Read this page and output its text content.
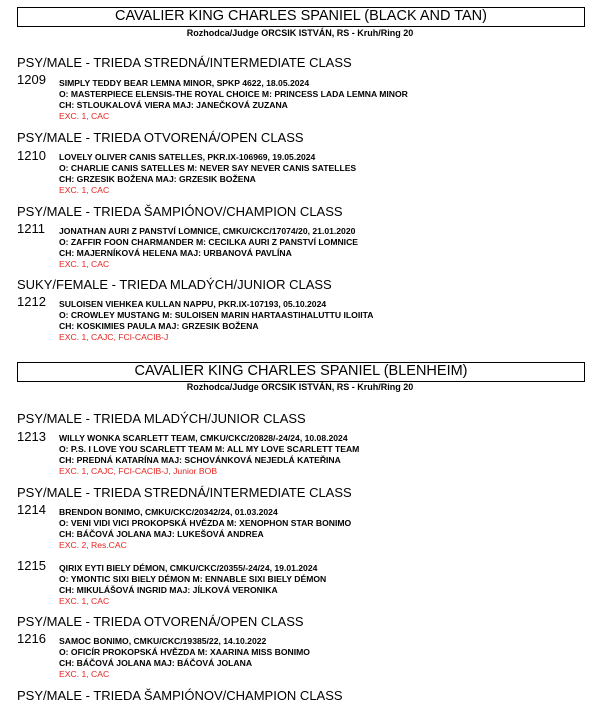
CAVALIER KING CHARLES SPANIEL (BLACK AND TAN)
Rozhodca/Judge ORCSIK ISTVÁN, RS - Kruh/Ring 20
PSY/MALE - TRIEDA STREDNÁ/INTERMEDIATE CLASS
1209 SIMPLY TEDDY BEAR LEMNA MINOR, SPKP 4622, 18.05.2024
O: MASTERPIECE ELENSIS-THE ROYAL CHOICE M: PRINCESS LADA LEMNA MINOR
CH: STLOUKALOVÁ VIERA MAJ: JANEČKOVÁ ZUZANA
EXC. 1, CAC
PSY/MALE - TRIEDA OTVORENÁ/OPEN CLASS
1210 LOVELY OLIVER CANIS SATELLES, PKR.IX-106969, 19.05.2024
O: CHARLIE CANIS SATELLES M: NEVER SAY NEVER CANIS SATELLES
CH: GRZESIK BOŽENA MAJ: GRZESIK BOŽENA
EXC. 1, CAC
PSY/MALE - TRIEDA ŠAMPIÓNOV/CHAMPION CLASS
1211 JONATHAN AURI Z PANSTVÍ LOMNICE, CMKU/CKC/17074/20, 21.01.2020
O: ZAFFIR FOON CHARMANDER M: CECILKA AURI Z PANSTVÍ LOMNICE
CH: MAJERNÍKOVÁ HELENA MAJ: URBANOVÁ PAVLÍNA
EXC. 1, CAC
SUKY/FEMALE - TRIEDA MLADÝCH/JUNIOR CLASS
1212 SULOISEN VIEHKEA KULLAN NAPPU, PKR.IX-107193, 05.10.2024
O: CROWLEY MUSTANG M: SULOISEN MARIN HARTAASTIHALUTTU ILOIITA
CH: KOSKIMIES PAULA MAJ: GRZESIK BOŽENA
EXC. 1, CAJC, FCI-CACIB-J
CAVALIER KING CHARLES SPANIEL (BLENHEIM)
Rozhodca/Judge ORCSIK ISTVÁN, RS - Kruh/Ring 20
PSY/MALE - TRIEDA MLADÝCH/JUNIOR CLASS
1213 WILLY WONKA SCARLETT TEAM, CMKU/CKC/20828/-24/24, 10.08.2024
O: P.S. I LOVE YOU SCARLETT TEAM M: ALL MY LOVE SCARLETT TEAM
CH: PREDNÁ KATARÍNA MAJ: SCHOVÁNKOVÁ NEJEDLÁ KATEŘINA
EXC. 1, CAJC, FCI-CACIB-J, Junior BOB
PSY/MALE - TRIEDA STREDNÁ/INTERMEDIATE CLASS
1214 BRENDON BONIMO, CMKU/CKC/20342/24, 01.03.2024
O: VENI VIDI VICI PROKOPSKÁ HVĚZDA M: XENOPHON STAR BONIMO
CH: BÁČOVÁ JOLANA MAJ: LUKEŠOVÁ ANDREA
EXC. 2, Res.CAC
1215 QIRIX EYTI BIELY DÉMON, CMKU/CKC/20355/-24/24, 19.01.2024
O: YMONTIC SIXI BIELY DÉMON M: ENNABLE SIXI BIELY DÉMON
CH: MIKULÁŠOVÁ INGRID MAJ: JÍLKOVÁ VERONIKA
EXC. 1, CAC
PSY/MALE - TRIEDA OTVORENÁ/OPEN CLASS
1216 SAMOC BONIMO, CMKU/CKC/19385/22, 14.10.2022
O: OFICÍR PROKOPSKÁ HVĚZDA M: XAARINA MISS BONIMO
CH: BÁČOVÁ JOLANA MAJ: BÁČOVÁ JOLANA
EXC. 1, CAC
PSY/MALE - TRIEDA ŠAMPIÓNOV/CHAMPION CLASS
